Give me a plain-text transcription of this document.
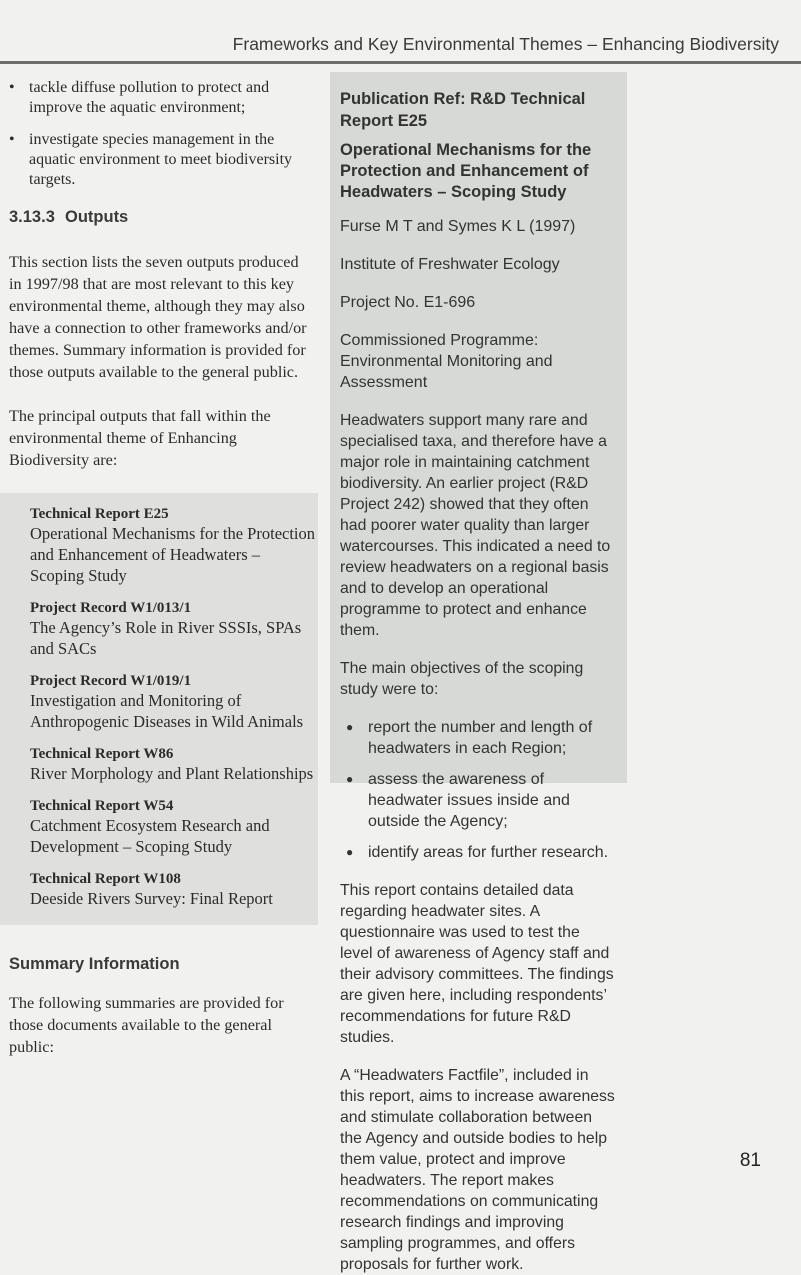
Frameworks and Key Environmental Themes – Enhancing Biodiversity
• tackle diffuse pollution to protect and improve the aquatic environment;
• investigate species management in the aquatic environment to meet biodiversity targets.
3.13.3 Outputs

This section lists the seven outputs produced in 1997/98 that are most relevant to this key environmental theme, although they may also have a connection to other frameworks and/or themes. Summary information is provided for those outputs available to the general public.

The principal outputs that fall within the environmental theme of Enhancing Biodiversity are:

Technical Report E25
Operational Mechanisms for the Protection and Enhancement of Headwaters – Scoping Study
Project Record W1/013/1
The Agency’s Role in River SSSIs, SPAs and SACs
Project Record W1/019/1
Investigation and Monitoring of Anthropogenic Diseases in Wild Animals
Technical Report W86
River Morphology and Plant Relationships
Technical Report W54
Catchment Ecosystem Research and Development – Scoping Study
Technical Report W108
Deeside Rivers Survey: Final Report
Summary Information

The following summaries are provided for those documents available to the general public:

Publication Ref: R&D Technical Report E25
Operational Mechanisms for the Protection and Enhancement of Headwaters – Scoping Study
Furse M T and Symes K L (1997)
Institute of Freshwater Ecology
Project No. E1-696
Commissioned Programme: Environmental Monitoring and Assessment

Headwaters support many rare and specialised taxa, and therefore have a major role in maintaining catchment biodiversity. An earlier project (R&D Project 242) showed that they often had poorer water quality than larger watercourses. This indicated a need to review headwaters on a regional basis and to develop an operational programme to protect and enhance them.

The main objectives of the scoping study were to:

● report the number and length of headwaters in each Region;
● assess the awareness of headwater issues inside and outside the Agency;
● identify areas for further research.

This report contains detailed data regarding headwater sites. A questionnaire was used to test the level of awareness of Agency staff and their advisory committees. The findings are given here, including respondents’ recommendations for future R&D studies.

A “Headwaters Factfile”, included in this report, aims to increase awareness and stimulate collaboration between the Agency and outside bodies to help them value, protect and improve headwaters. The report makes recommendations on communicating research findings and improving sampling programmes, and offers proposals for further work.

81
